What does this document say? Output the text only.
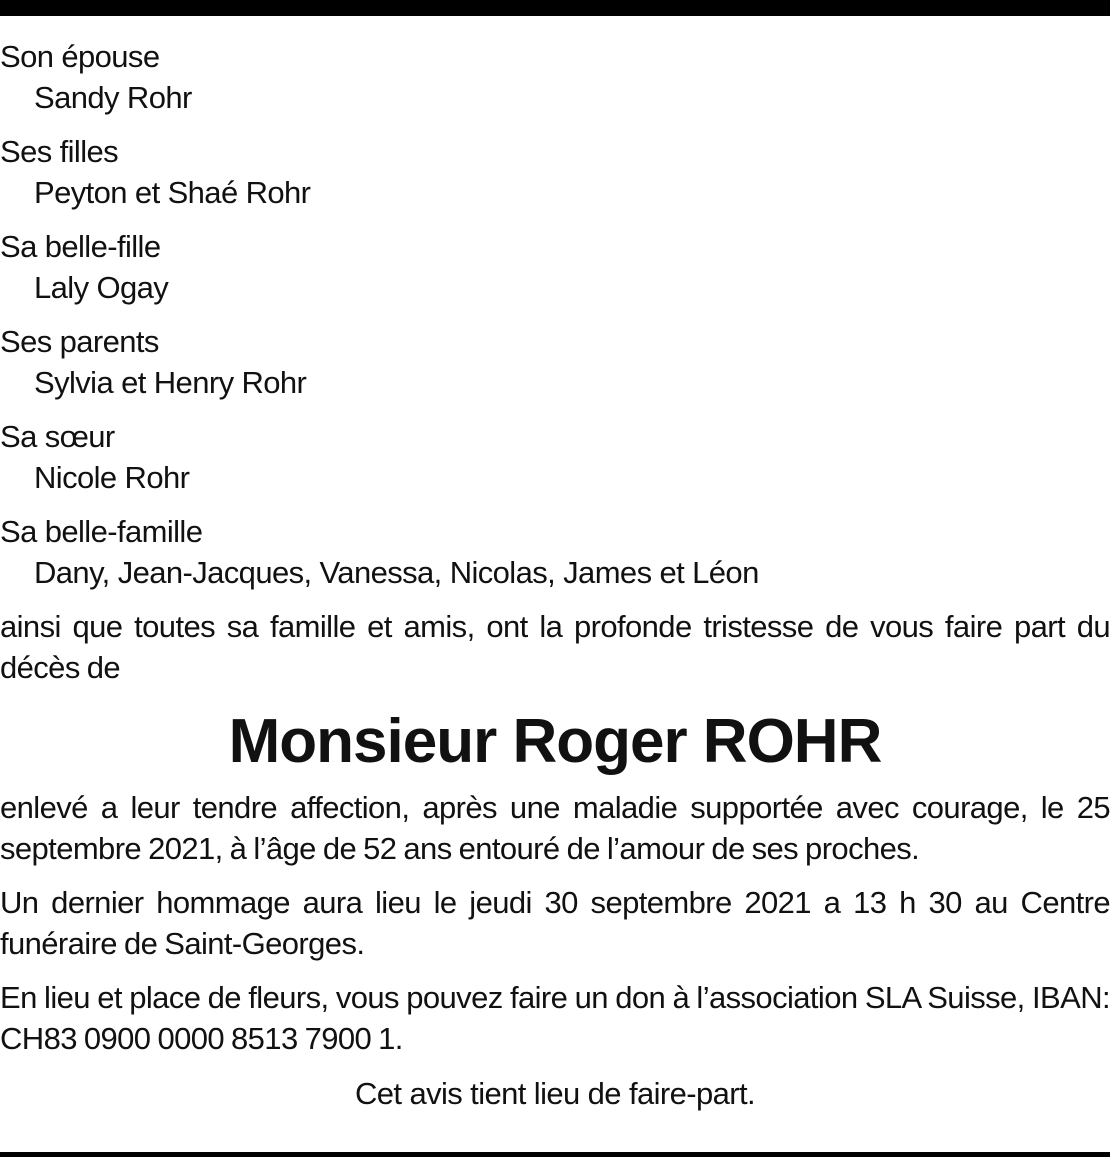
Son épouse
Sandy Rohr
Ses filles
Peyton et Shaé Rohr
Sa belle-fille
Laly Ogay
Ses parents
Sylvia et Henry Rohr
Sa sœur
Nicole Rohr
Sa belle-famille
Dany, Jean-Jacques, Vanessa, Nicolas, James et Léon

ainsi que toutes sa famille et amis, ont la profonde tristesse de vous faire part du décès de

Monsieur Roger ROHR

enlevé a leur tendre affection, après une maladie supportée avec courage, le 25 septembre 2021, à l’âge de 52 ans entouré de l’amour de ses proches.

Un dernier hommage aura lieu le jeudi 30 septembre 2021 a 13 h 30 au Centre funéraire de Saint-Georges.

En lieu et place de fleurs, vous pouvez faire un don à l’association SLA Suisse, IBAN: CH83 0900 0000 8513 7900 1.

Cet avis tient lieu de faire-part.
